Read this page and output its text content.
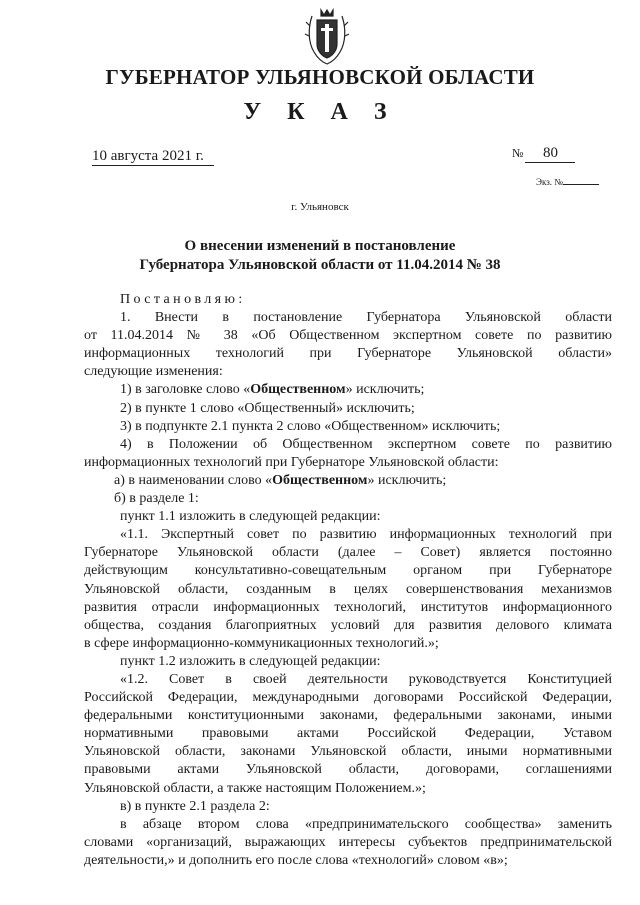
ГУБЕРНАТОР УЛЬЯНОВСКОЙ ОБЛАСТИ
У К А З
10 августа 2021 г.	№ 80
Экз. №
г. Ульяновск
О внесении изменений в постановление
Губернатора Ульяновской области от 11.04.2014 № 38

Постановляю:

1. Внести в постановление Губернатора Ульяновской области

от 11.04.2014 № 38 «Об Общественном экспертном совете по развитию

информационных технологий при Губернаторе Ульяновской области»

следующие изменения:

1) в заголовке слово «Общественном» исключить;

2) в пункте 1 слово «Общественный» исключить;

3) в подпункте 2.1 пункта 2 слово «Общественном» исключить;

4) в Положении об Общественном экспертном совете по развитию

информационных технологий при Губернаторе Ульяновской области:

а) в наименовании слово «Общественном» исключить;

б) в разделе 1:

пункт 1.1 изложить в следующей редакции:

«1.1. Экспертный совет по развитию информационных технологий при

Губернаторе Ульяновской области (далее – Совет) является постоянно

действующим консультативно-совещательным органом при Губернаторе

Ульяновской области, созданным в целях совершенствования механизмов

развития отрасли информационных технологий, институтов информационного

общества, создания благоприятных условий для развития делового климата

в сфере информационно-коммуникационных технологий.»;

пункт 1.2 изложить в следующей редакции:

«1.2. Совет в своей деятельности руководствуется Конституцией

Российской Федерации, международными договорами Российской Федерации,

федеральными конституционными законами, федеральными законами, иными

нормативными правовыми актами Российской Федерации, Уставом

Ульяновской области, законами Ульяновской области, иными нормативными

правовыми актами Ульяновской области, договорами, соглашениями

Ульяновской области, а также настоящим Положением.»;

в) в пункте 2.1 раздела 2:

в абзаце втором слова «предпринимательского сообщества» заменить

словами «организаций, выражающих интересы субъектов предпринимательской

деятельности,» и дополнить его после слова «технологий» словом «в»;
